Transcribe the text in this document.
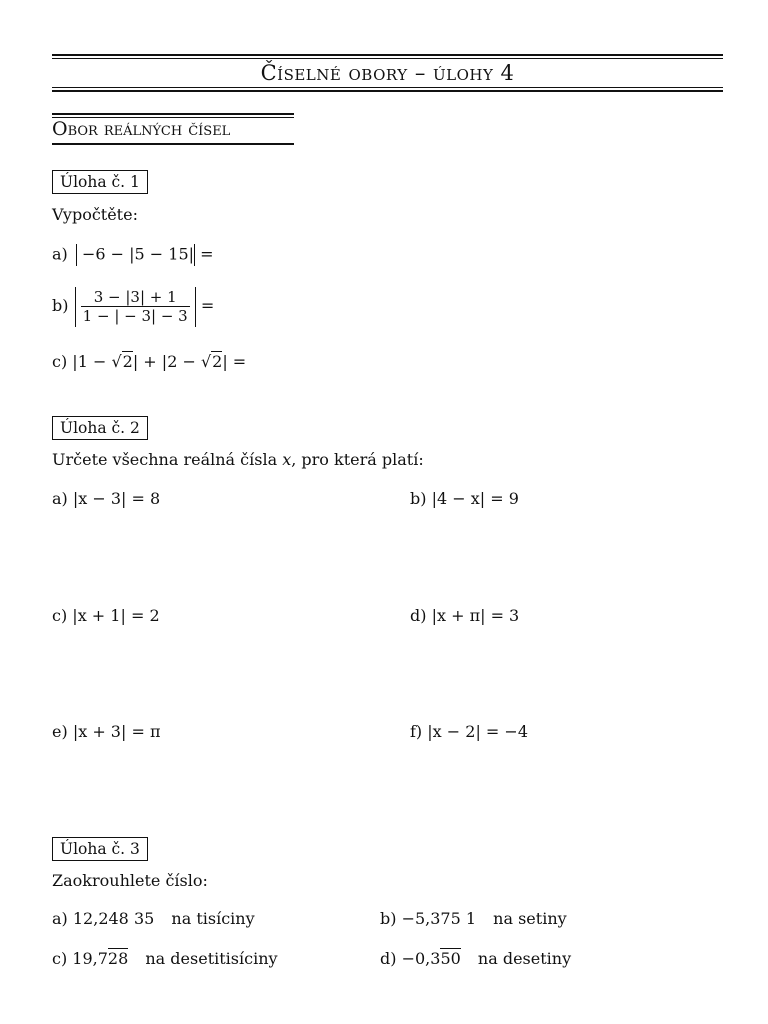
Číselné obory – úlohy 4
Obor reálných čísel
Úloha č. 1
Vypočtěte:
a) −6 − |5 − 15| =
$b) \frac{3 - |3| + 1}{1 - | - 3| - 3}$ =
c) |1 − √2| + |2 − √2| =
Úloha č. 2
Určete všechna reálná čísla x, pro která platí:
a) |x − 3| = 8	b) |4 − x| = 9
c) |x + 1| = 2	d) |x + π| = 3
e) |x + 3| = π	f) |x − 2| = −4
Úloha č. 3
Zaokrouhlete číslo:
a) 12,248 35 na tisíciny	b) −5,375 1 na setiny
c) 19,728 na desetitisíciny	d) −0,350 na desetiny
